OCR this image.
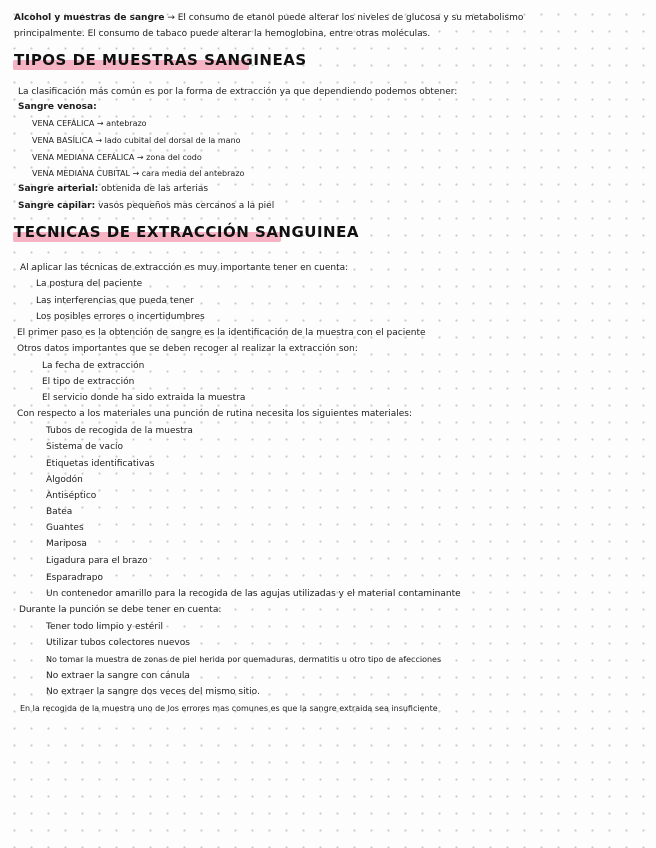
Alcohol y muestras de sangre → El consumo de etanol puede alterar los niveles de glucosa y su metabolismo
principalmente. El consumo de tabaco puede alterar la hemoglobina, entre otras moléculas.
TIPOS DE MUESTRAS SANGINEAS
La clasificación más común es por la forma de extracción ya que dependiendo podemos obtener:
Sangre venosa:
VENA CEFÁLICA → antebrazo
VENA BASÍLICA → lado cubital del dorsal de la mano
VENA MEDIANA CEFÁLICA → zona del codo
VENA MEDIANA CUBITAL → cara media del antebrazo
Sangre arterial: obtenida de las arterias
Sangre capilar: vasos pequeños mas cercanos a la piel
TECNICAS DE EXTRACCIÓN SANGUINEA
Al aplicar las técnicas de extracción es muy importante tener en cuenta:
La postura del paciente
Las interferencias que pueda tener
Los posibles errores o incertidumbres
El primer paso es la obtención de sangre es la identificación de la muestra con el paciente
Otros datos importantes que se deben recoger al realizar la extracción son:
La fecha de extracción
El tipo de extracción
El servicio donde ha sido extraida la muestra
Con respecto a los materiales una punción de rutina necesita los siguientes materiales:
Tubos de recogida de la muestra
Sistema de vacío
Etiquetas identificativas
Algodón
Antiséptico
Batea
Guantes
Mariposa
Ligadura para el brazo
Esparadrapo
Un contenedor amarillo para la recogida de las agujas utilizadas y el material contaminante
Durante la punción se debe tener en cuenta:
Tener todo limpio y estéril
Utilizar tubos colectores nuevos
No tomar la muestra de zonas de piel herida por quemaduras, dermatitis u otro tipo de afecciones
No extraer la sangre con cánula
No extraer la sangre dos veces del mismo sitio.
En la recogida de la muestra uno de los errores mas comunes es que la sangre extraida sea insuficiente
